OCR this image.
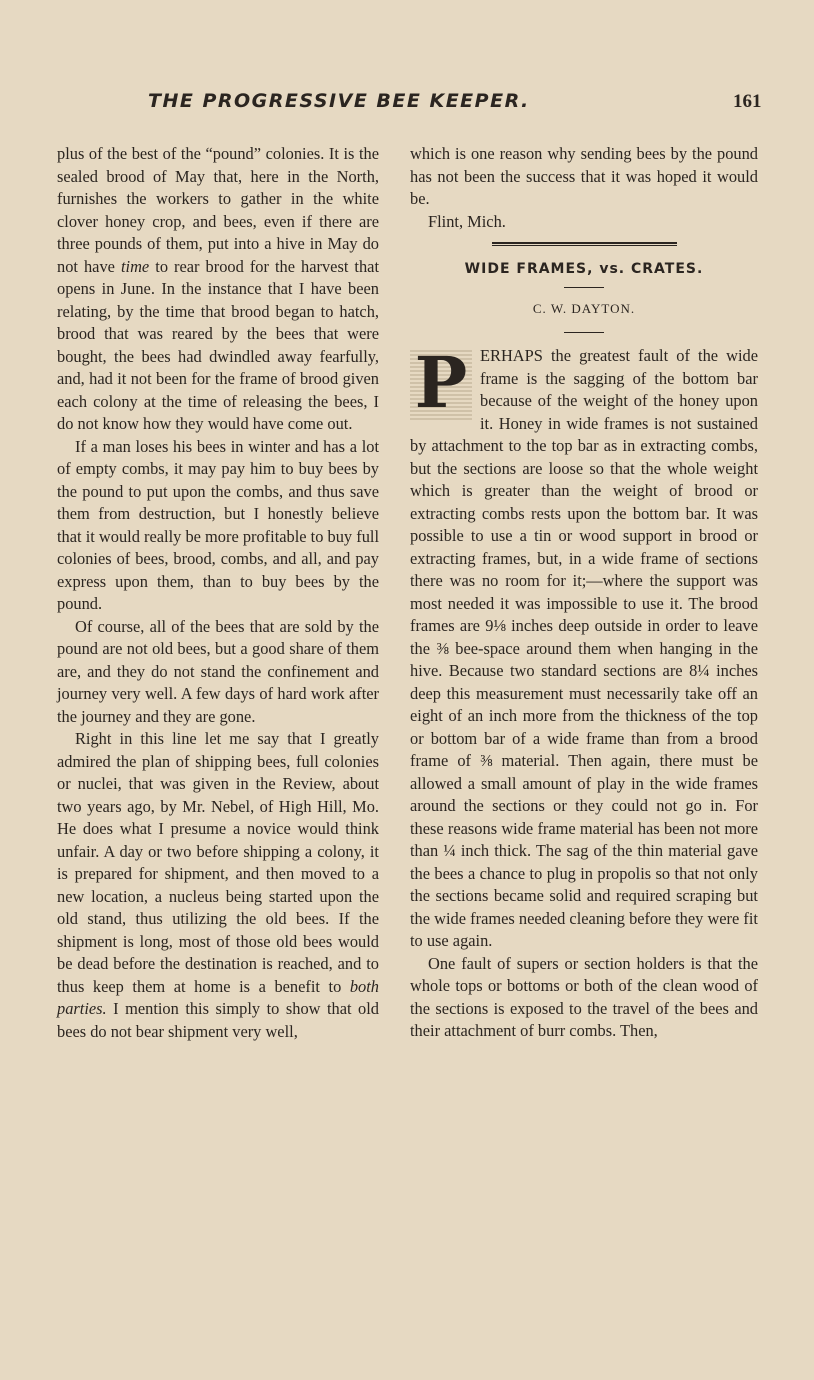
THE PROGRESSIVE BEE KEEPER.	161

plus of the best of the “pound” colonies. It is the sealed brood of May that, here in the North, furnishes the workers to gather in the white clover honey crop, and bees, even if there are three pounds of them, put into a hive in May do not have time to rear brood for the harvest that opens in June. In the instance that I have been relating, by the time that brood began to hatch, brood that was reared by the bees that were bought, the bees had dwindled away fearfully, and, had it not been for the frame of brood given each colony at the time of releasing the bees, I do not know how they would have come out.

If a man loses his bees in winter and has a lot of empty combs, it may pay him to buy bees by the pound to put upon the combs, and thus save them from destruction, but I honestly believe that it would really be more profitable to buy full colonies of bees, brood, combs, and all, and pay express upon them, than to buy bees by the pound.

Of course, all of the bees that are sold by the pound are not old bees, but a good share of them are, and they do not stand the confinement and journey very well. A few days of hard work after the journey and they are gone.

Right in this line let me say that I greatly admired the plan of shipping bees, full colonies or nuclei, that was given in the Review, about two years ago, by Mr. Nebel, of High Hill, Mo. He does what I presume a novice would think unfair. A day or two before shipping a colony, it is prepared for shipment, and then moved to a new location, a nucleus being started upon the old stand, thus utilizing the old bees. If the shipment is long, most of those old bees would be dead before the destination is reached, and to thus keep them at home is a benefit to both parties. I mention this simply to show that old bees do not bear shipment very well,

which is one reason why sending bees by the pound has not been the success that it was hoped it would be.

Flint, Mich.

WIDE FRAMES, vs. CRATES.
C. W. DAYTON.

P ERHAPS the greatest fault of the wide frame is the sagging of the bottom bar because of the weight of the honey upon it. Honey in wide frames is not sustained by attachment to the top bar as in extracting combs, but the sections are loose so that the whole weight which is greater than the weight of brood or extracting combs rests upon the bottom bar. It was possible to use a tin or wood support in brood or extracting frames, but, in a wide frame of sections there was no room for it;—where the support was most needed it was impossible to use it. The brood frames are 9⅛ inches deep outside in order to leave the ⅜ bee-space around them when hanging in the hive. Because two standard sections are 8¼ inches deep this measurement must necessarily take off an eight of an inch more from the thickness of the top or bottom bar of a wide frame than from a brood frame of ⅜ material. Then again, there must be allowed a small amount of play in the wide frames around the sections or they could not go in. For these reasons wide frame material has been not more than ¼ inch thick. The sag of the thin material gave the bees a chance to plug in propolis so that not only the sections became solid and required scraping but the wide frames needed cleaning before they were fit to use again.

One fault of supers or section holders is that the whole tops or bottoms or both of the clean wood of the sections is exposed to the travel of the bees and their attachment of burr combs. Then,
